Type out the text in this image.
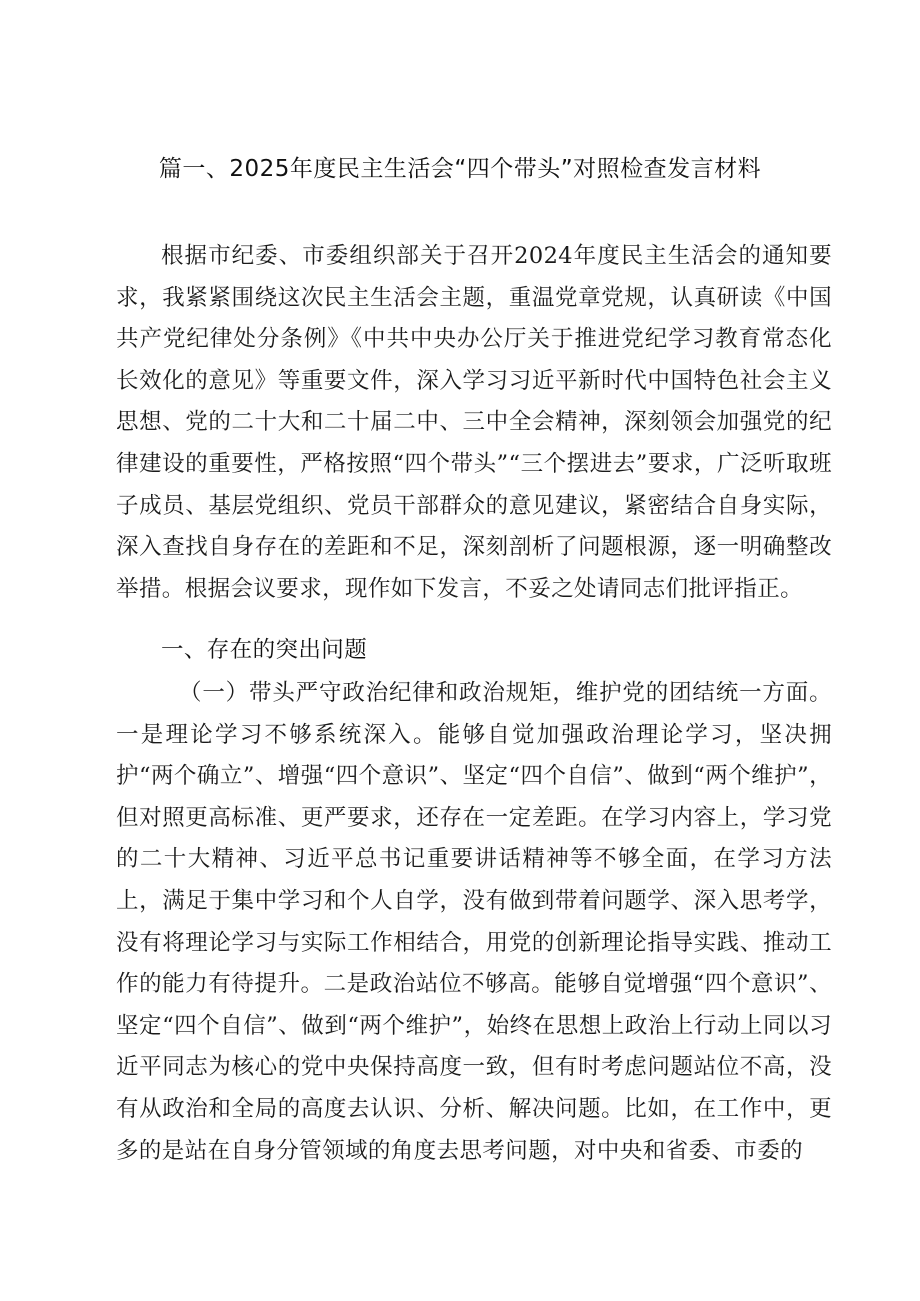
篇一、2025年度民主生活会“四个带头”对照检查发言材料
根据市纪委、市委组织部关于召开2024年度民主生活会的通知要求，我紧紧围绕这次民主生活会主题，重温党章党规，认真研读《中国共产党纪律处分条例》《中共中央办公厅关于推进党纪学习教育常态化长效化的意见》等重要文件，深入学习习近平新时代中国特色社会主义思想、党的二十大和二十届二中、三中全会精神，深刻领会加强党的纪律建设的重要性，严格按照“四个带头”“三个摆进去”要求，广泛听取班子成员、基层党组织、党员干部群众的意见建议，紧密结合自身实际，深入查找自身存在的差距和不足，深刻剖析了问题根源，逐一明确整改举措。根据会议要求，现作如下发言，不妥之处请同志们批评指正。
一、存在的突出问题
（一）带头严守政治纪律和政治规矩，维护党的团结统一方面。一是理论学习不够系统深入。能够自觉加强政治理论学习，坚决拥护“两个确立”、增强“四个意识”、坚定“四个自信”、做到“两个维护”，但对照更高标准、更严要求，还存在一定差距。在学习内容上，学习党的二十大精神、习近平总书记重要讲话精神等不够全面，在学习方法上，满足于集中学习和个人自学，没有做到带着问题学、深入思考学，没有将理论学习与实际工作相结合，用党的创新理论指导实践、推动工作的能力有待提升。二是政治站位不够高。能够自觉增强“四个意识”、坚定“四个自信”、做到“两个维护”，始终在思想上政治上行动上同以习近平同志为核心的党中央保持高度一致，但有时考虑问题站位不高，没有从政治和全局的高度去认识、分析、解决问题。比如，在工作中，更多的是站在自身分管领域的角度去思考问题，对中央和省委、市委的
